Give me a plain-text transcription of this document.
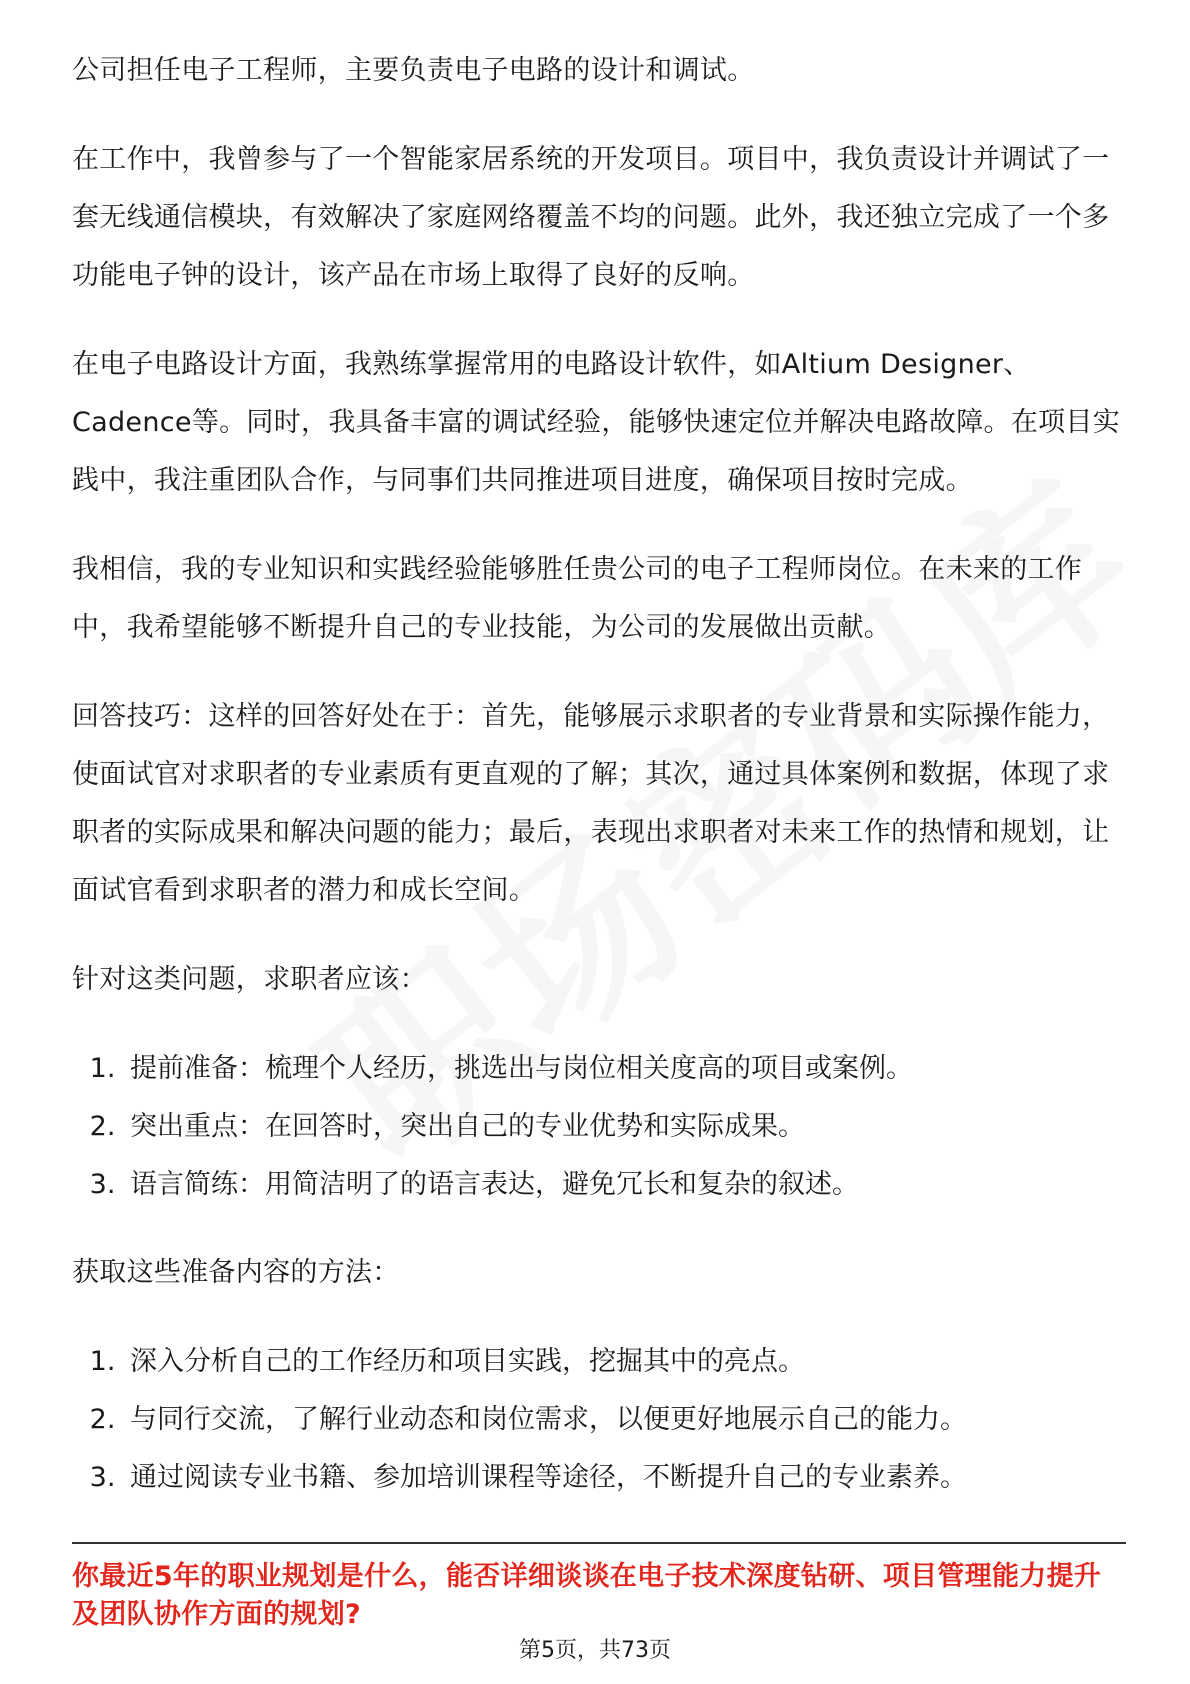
公司担任电子工程师，主要负责电子电路的设计和调试。

在工作中，我曾参与了一个智能家居系统的开发项目。项目中，我负责设计并调试了一套无线通信模块，有效解决了家庭网络覆盖不均的问题。此外，我还独立完成了一个多功能电子钟的设计，该产品在市场上取得了良好的反响。

在电子电路设计方面，我熟练掌握常用的电路设计软件，如Altium Designer、Cadence等。同时，我具备丰富的调试经验，能够快速定位并解决电路故障。在项目实践中，我注重团队合作，与同事们共同推进项目进度，确保项目按时完成。

我相信，我的专业知识和实践经验能够胜任贵公司的电子工程师岗位。在未来的工作中，我希望能够不断提升自己的专业技能，为公司的发展做出贡献。

回答技巧：这样的回答好处在于：首先，能够展示求职者的专业背景和实际操作能力，使面试官对求职者的专业素质有更直观的了解；其次，通过具体案例和数据，体现了求职者的实际成果和解决问题的能力；最后，表现出求职者对未来工作的热情和规划，让面试官看到求职者的潜力和成长空间。

针对这类问题，求职者应该：

1. 提前准备：梳理个人经历，挑选出与岗位相关度高的项目或案例。
2. 突出重点：在回答时，突出自己的专业优势和实际成果。
3. 语言简练：用简洁明了的语言表达，避免冗长和复杂的叙述。

获取这些准备内容的方法：

1. 深入分析自己的工作经历和项目实践，挖掘其中的亮点。
2. 与同行交流，了解行业动态和岗位需求，以便更好地展示自己的能力。
3. 通过阅读专业书籍、参加培训课程等途径，不断提升自己的专业素养。

你最近5年的职业规划是什么，能否详细谈谈在电子技术深度钻研、项目管理能力提升及团队协作方面的规划?

第5页，共73页
